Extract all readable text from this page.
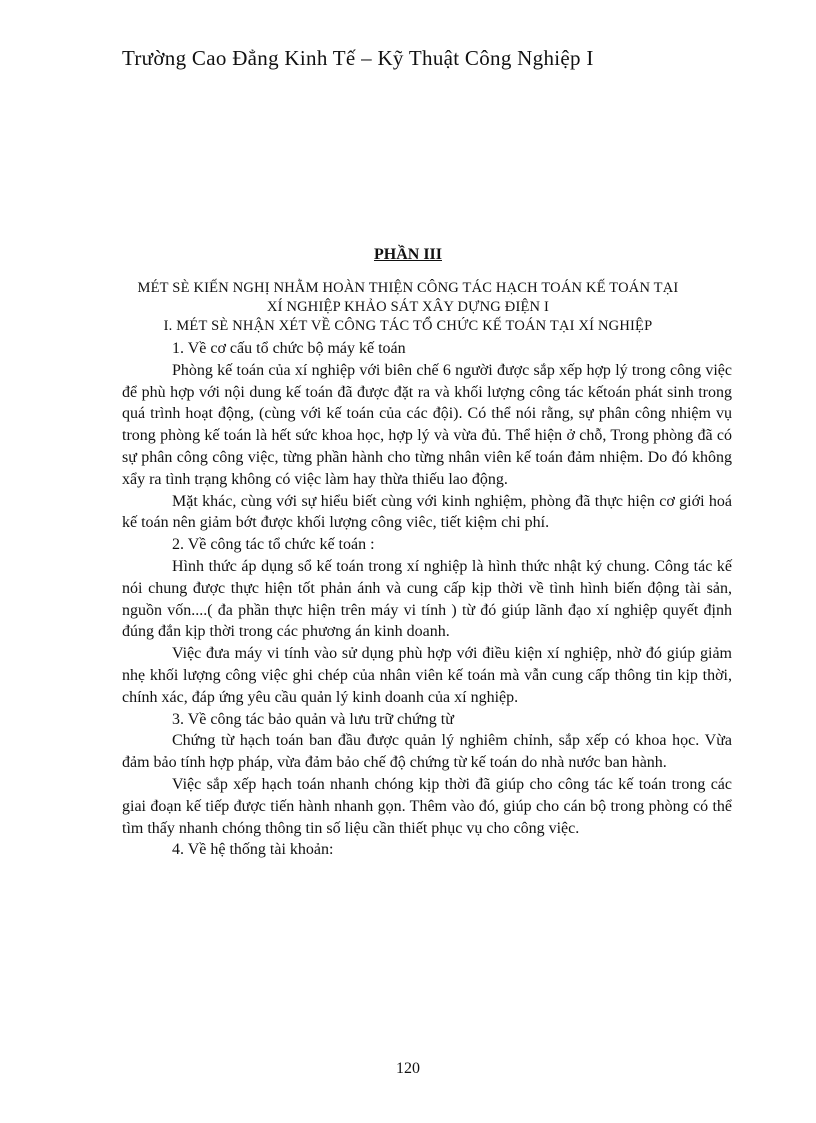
Trường Cao Đẳng Kinh Tế – Kỹ Thuật Công Nghiệp I
PHẦN III
MÉT SÈ KIẾN NGHỊ NHẰM HOÀN THIỆN CÔNG TÁC HẠCH TOÁN KẾ TOÁN TẠI
XÍ NGHIỆP KHẢO SÁT XÂY DỰNG ĐIỆN I
I. MÉT SÈ NHẬN XÉT VỀ CÔNG TÁC TỔ CHỨC KẾ TOÁN TẠI XÍ NGHIỆP

1. Về cơ cấu tổ chức bộ máy kế toán

Phòng kế toán của xí nghiệp với biên chế 6 người được sắp xếp hợp lý trong công việc để phù hợp với nội dung kế toán đã được đặt ra và khối lượng công tác kếtoán phát sinh trong quá trình hoạt động, (cùng với kế toán của các đội). Có thể nói rằng, sự phân công nhiệm vụ trong phòng kế toán là hết sức khoa học, hợp lý và vừa đủ. Thể hiện ở chỗ, Trong phòng đã có sự phân công công việc, từng phần hành cho từng nhân viên kế toán đảm nhiệm. Do đó không xẩy ra tình trạng không có việc làm hay thừa thiếu lao động.

Mặt khác, cùng với sự hiểu biết cùng với kinh nghiệm, phòng đã thực hiện cơ giới hoá kế toán nên giảm bớt được khối lượng công viêc, tiết kiệm chi phí.

2. Về công tác tổ chức kế toán :

Hình thức áp dụng sổ kế toán trong xí nghiệp là hình thức nhật ký chung. Công tác kế nói chung được thực hiện tốt phản ánh và cung cấp kịp thời về tình hình biến động tài sản, nguồn vốn....( đa phần thực hiện trên máy vi tính ) từ đó giúp lãnh đạo xí nghiệp quyết định đúng đắn kịp thời trong các phương án kinh doanh.

Việc đưa máy vi tính vào sử dụng phù hợp với điều kiện xí nghiệp, nhờ đó giúp giảm nhẹ khối lượng công việc ghi chép của nhân viên kế toán mà vẫn cung cấp thông tin kịp thời, chính xác, đáp ứng yêu cầu quản lý kinh doanh của xí nghiệp.

3. Về công tác bảo quản và lưu trữ chứng từ

Chứng từ hạch toán ban đầu được quản lý nghiêm chỉnh, sắp xếp có khoa học. Vừa đảm bảo tính hợp pháp, vừa đảm bảo chế độ chứng từ kế toán do nhà nước ban hành.

Việc sắp xếp hạch toán nhanh chóng kịp thời đã giúp cho công tác kế toán trong các giai đoạn kế tiếp được tiến hành nhanh gọn. Thêm vào đó, giúp cho cán bộ trong phòng có thể tìm thấy nhanh chóng thông tin số liệu cần thiết phục vụ cho công việc.

4. Về hệ thống tài khoản:

120
